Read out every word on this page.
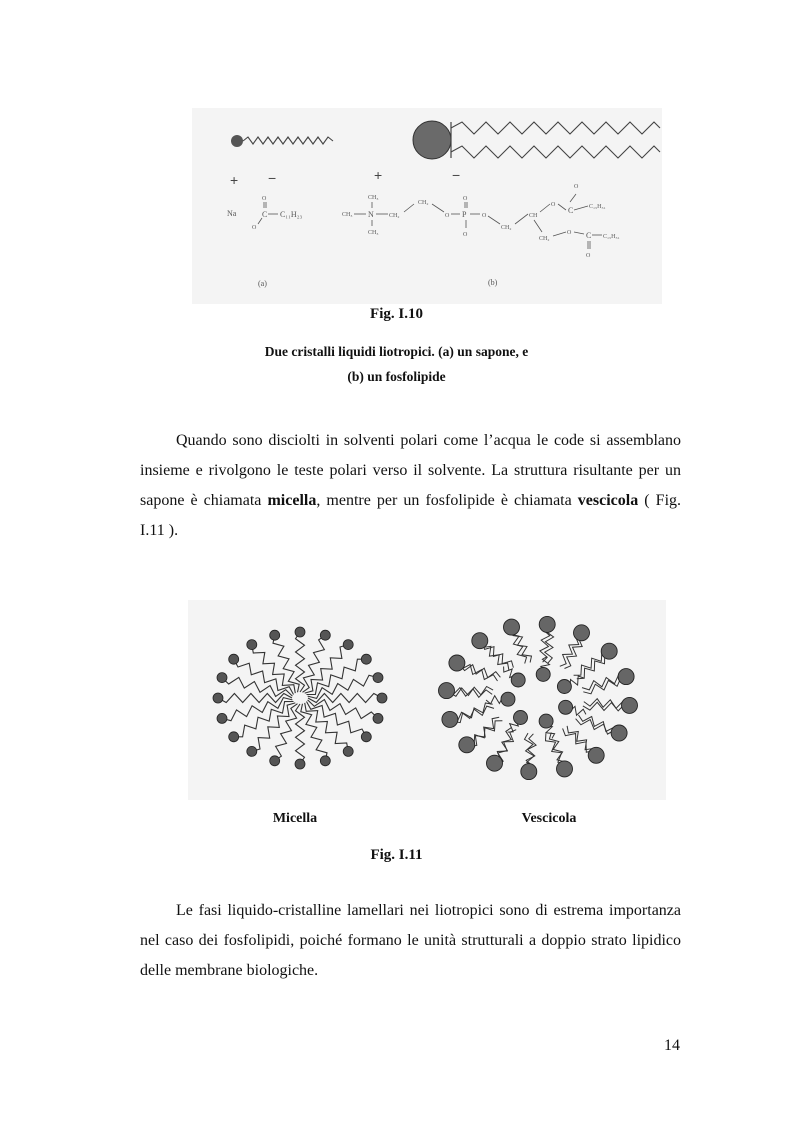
+ −	+	−
Na
O
C C₁₁H₂₃
O
CH₃
CH₃ N
CH₃
CH₂
CH₂
O P
O
O
O
CH₂
CH
O
C	C₁₅H₃₁
O
CH₂
O C C₁₅H₃₁
O
(a)	(b)
Fig. I.10
Due cristalli liquidi liotropici. (a) un sapone, e
(b) un fosfolipide

Quando sono disciolti in solventi polari come l’acqua le code si assemblano insieme e rivolgono le teste polari verso il solvente. La struttura risultante per un sapone è chiamata micella, mentre per un fosfolipide è chiamata vescicola ( Fig. I.11 ).

Micella	Vescicola
Fig. I.11

Le fasi liquido-cristalline lamellari nei liotropici sono di estrema importanza nel caso dei fosfolipidi, poiché formano le unità strutturali a doppio strato lipidico delle membrane biologiche.

14
